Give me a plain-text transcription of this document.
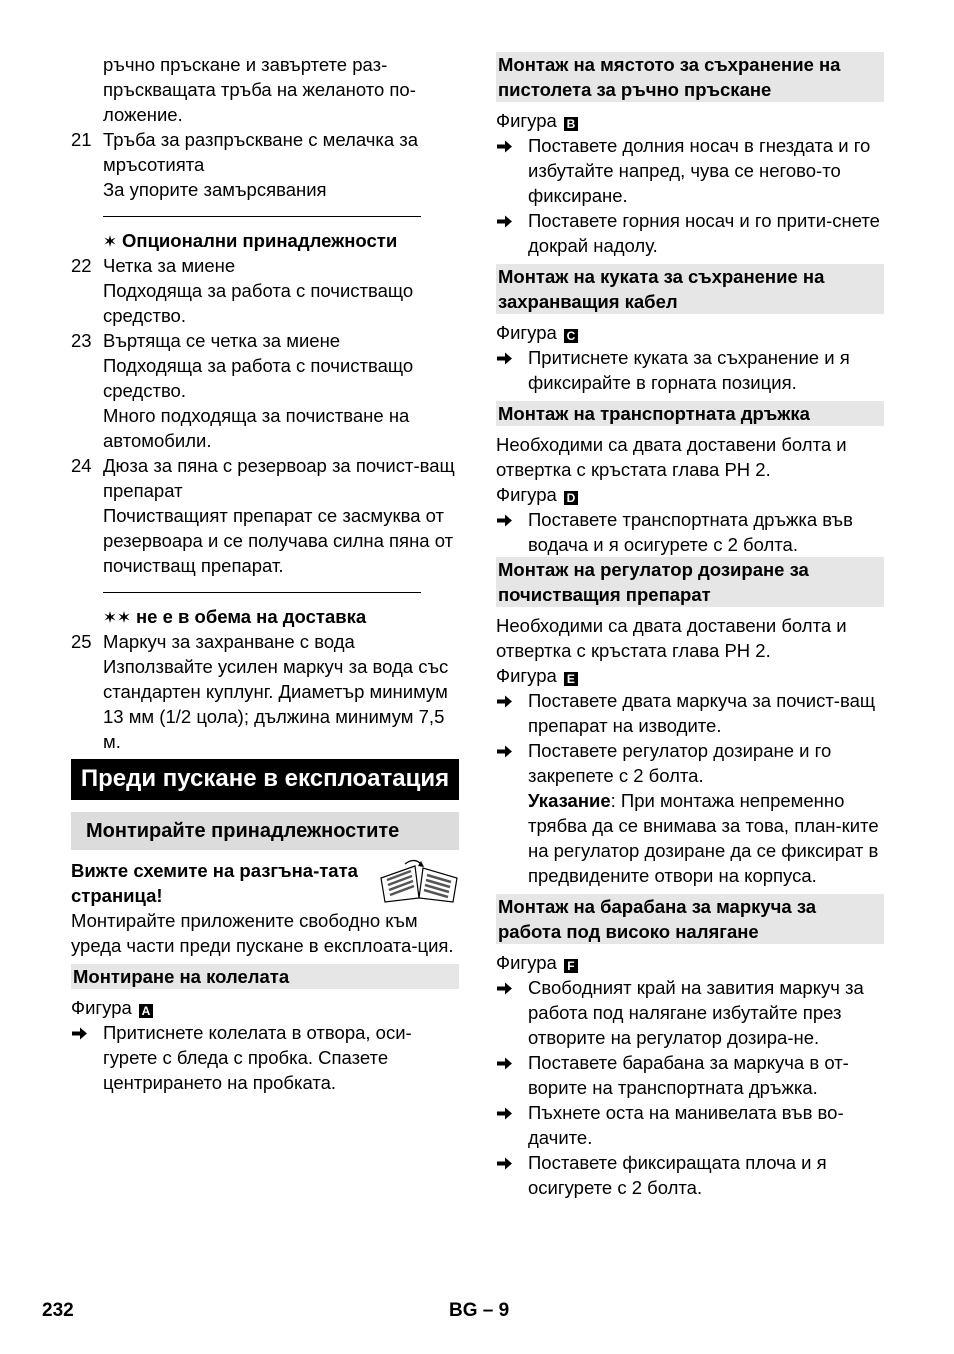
ръчно пръскане и завъртете раз-пръскващата тръба на желаното по-ложение.

21 Тръба за разпръскване с мелачка за мръсотията

За упорите замърсявания

Опционални принадлежности

22 Четка за миене

Подходяща за работа с почистващо средство.

23 Въртяща се четка за миене

Подходяща за работа с почистващо средство.

Много подходяща за почистване на автомобили.

24 Дюза за пяна с резервоар за почист-ващ препарат

Почистващият препарат се засмуква от резервоара и се получава силна пяна от почистващ препарат.

не е в обема на доставка

25 Маркуч за захранване с вода

Използвайте усилен маркуч за вода със стандартен куплунг. Диаметър минимум 13 мм (1/2 цола); дължина минимум 7,5 м.

Преди пускане в експлоатация
Монтирайте принадлежностите

Вижте схемите на разгъна-тата страница!

Монтирайте приложените свободно към уреда части преди пускане в експлоата-ция.

Монтиране на колелата

Фигура A

Притиснете колелата в отвора, оси-гурете с бледа с пробка. Спазете центрирането на пробката.
Монтаж на мястото за съхранение на пистолета за ръчно пръскане

Фигура B

Поставете долния носач в гнездата и го избутайте напред, чува се негово-то фиксиране.
Поставете горния носач и го прити-снете докрай надолу.
Монтаж на куката за съхранение на захранващия кабел

Фигура C

Притиснете куката за съхранение и я фиксирайте в горната позиция.
Монтаж на транспортната дръжка

Необходими са двата доставени болта и отвертка с кръстата глава PH 2.

Фигура D

Поставете транспортната дръжка във водача и я осигурете с 2 болта.
Монтаж на регулатор дозиране за почистващия препарат

Необходими са двата доставени болта и отвертка с кръстата глава PH 2.

Фигура E

Поставете двата маркуча за почист-ващ препарат на изводите.
Поставете регулатор дозиране и го закрепете с 2 болта.

Указание: При монтажа непременно трябва да се внимава за това, план-ките на регулатор дозиране да се фиксират в предвидените отвори на корпуса.

Монтаж на барабана за маркуча за работа под високо налягане

Фигура F

Свободният край на завития маркуч за работа под налягане избутайте през отворите на регулатор дозира-не.
Поставете барабана за маркуча в от-ворите на транспортната дръжка.
Пъхнете оста на манивелата във во-дачите.
Поставете фиксиращата плоча и я осигурете с 2 болта.
232	BG – 9
